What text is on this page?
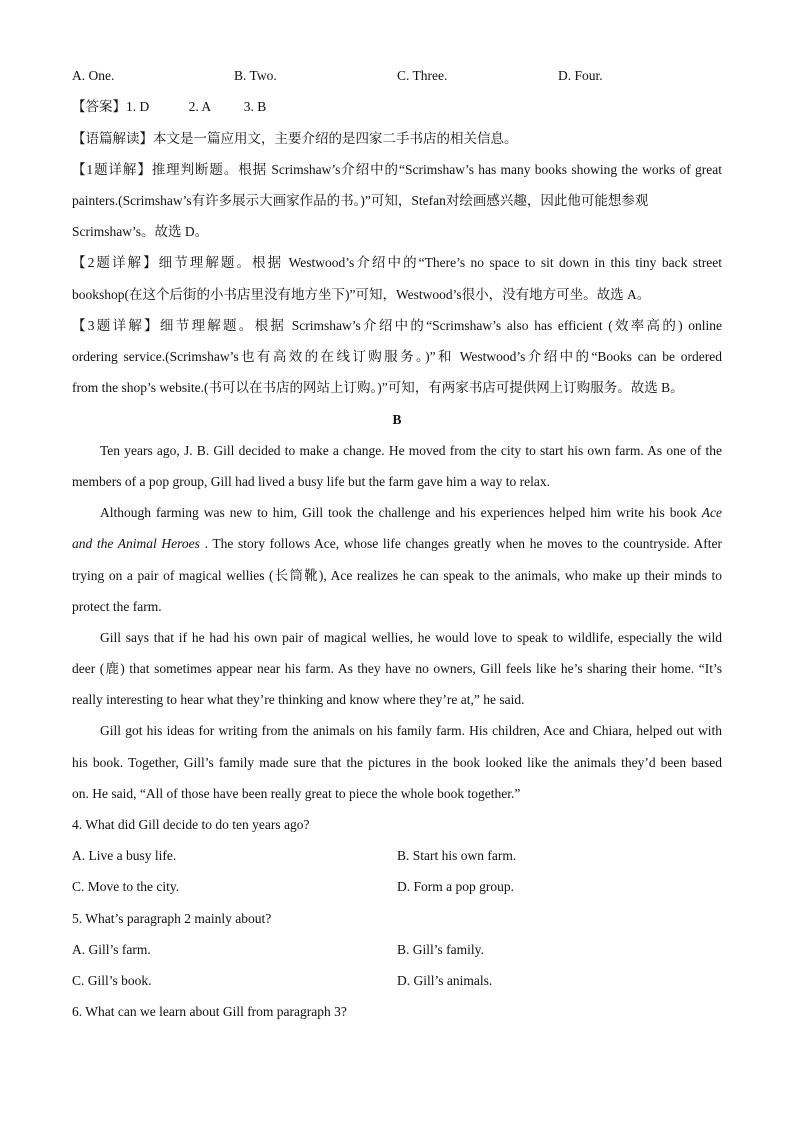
A. One.	B. Two.	C. Three.	D. Four.
【答案】1. D	2. A 3. B
【语篇解读】本文是一篇应用文，主要介绍的是四家二手书店的相关信息。
【1题详解】推理判断题。根据 Scrimshaw’s介绍中的“Scrimshaw’s has many books showing the works of great
painters.(Scrimshaw’s有许多展示大画家作品的书。)”可知，Stefan对绘画感兴趣，因此他可能想参观
Scrimshaw’s。故选 D。
【2题详解】细节理解题。根据 Westwood’s介绍中的“There’s no space to sit down in this tiny back street
bookshop(在这个后街的小书店里没有地方坐下)”可知，Westwood’s很小，没有地方可坐。故选 A。
【3题详解】细节理解题。根据 Scrimshaw’s介绍中的“Scrimshaw’s also has efficient (效率高的) online
ordering service.(Scrimshaw’s也有高效的在线订购服务。)”和 Westwood’s介绍中的“Books can be ordered
from the shop’s website.(书可以在书店的网站上订购。)”可知，有两家书店可提供网上订购服务。故选 B。
B
Ten years ago, J. B. Gill decided to make a change. He moved from the city to start his own farm. As one of the
members of a pop group, Gill had lived a busy life but the farm gave him a way to relax.
Although farming was new to him, Gill took the challenge and his experiences helped him write his book Ace
and the Animal Heroes . The story follows Ace, whose life changes greatly when he moves to the countryside. After
trying on a pair of magical wellies (长筒靴), Ace realizes he can speak to the animals, who make up their minds to
protect the farm.
Gill says that if he had his own pair of magical wellies, he would love to speak to wildlife, especially the wild
deer (鹿) that sometimes appear near his farm. As they have no owners, Gill feels like he’s sharing their home. “It’s
really interesting to hear what they’re thinking and know where they’re at,” he said.
Gill got his ideas for writing from the animals on his family farm. His children, Ace and Chiara, helped out with
his book. Together, Gill’s family made sure that the pictures in the book looked like the animals they’d been based
on. He said, “All of those have been really great to piece the whole book together.”
4. What did Gill decide to do ten years ago?
A. Live a busy life.	B. Start his own farm.
C. Move to the city.	D. Form a pop group.
5. What’s paragraph 2 mainly about?
A. Gill’s farm.	B. Gill’s family.
C. Gill’s book.	D. Gill’s animals.
6. What can we learn about Gill from paragraph 3?
